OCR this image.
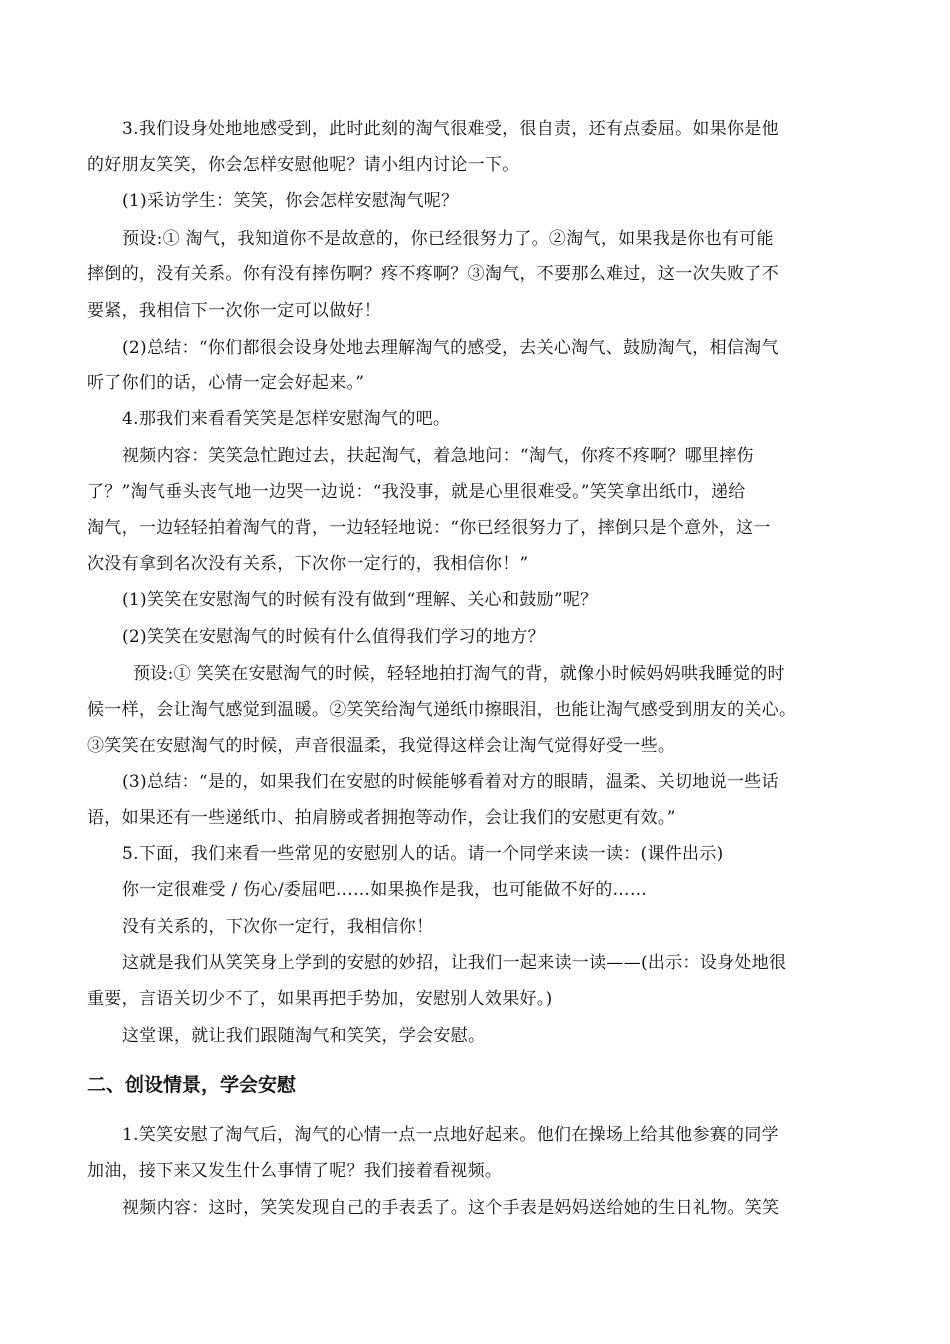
3.我们设身处地地感受到，此时此刻的淘气很难受，很自责，还有点委屈。如果你是他
的好朋友笑笑，你会怎样安慰他呢？请小组内讨论一下。
(1)采访学生：笑笑，你会怎样安慰淘气呢？
预设:① 淘气，我知道你不是故意的，你已经很努力了。②淘气，如果我是你也有可能
摔倒的，没有关系。你有没有摔伤啊？疼不疼啊？③淘气，不要那么难过，这一次失败了不
要紧，我相信下一次你一定可以做好！
(2)总结：“你们都很会设身处地去理解淘气的感受，去关心淘气、鼓励淘气，相信淘气
听了你们的话，心情一定会好起来。”
4.那我们来看看笑笑是怎样安慰淘气的吧。
视频内容：笑笑急忙跑过去，扶起淘气，着急地问：“淘气，你疼不疼啊？哪里摔伤
了？”淘气垂头丧气地一边哭一边说：“我没事，就是心里很难受。”笑笑拿出纸巾，递给
淘气，一边轻轻拍着淘气的背，一边轻轻地说：“你已经很努力了，摔倒只是个意外，这一
次没有拿到名次没有关系，下次你一定行的，我相信你！”
(1)笑笑在安慰淘气的时候有没有做到“理解、关心和鼓励”呢？
(2)笑笑在安慰淘气的时候有什么值得我们学习的地方？
预设:① 笑笑在安慰淘气的时候，轻轻地拍打淘气的背，就像小时候妈妈哄我睡觉的时
候一样，会让淘气感觉到温暖。②笑笑给淘气递纸巾擦眼泪，也能让淘气感受到朋友的关心。
③笑笑在安慰淘气的时候，声音很温柔，我觉得这样会让淘气觉得好受一些。
(3)总结：“是的，如果我们在安慰的时候能够看着对方的眼睛，温柔、关切地说一些话
语，如果还有一些递纸巾、拍肩膀或者拥抱等动作，会让我们的安慰更有效。”
5.下面，我们来看一些常见的安慰别人的话。请一个同学来读一读：(课件出示)
你一定很难受 / 伤心/委屈吧……如果换作是我，也可能做不好的……
没有关系的，下次你一定行，我相信你！
这就是我们从笑笑身上学到的安慰的妙招，让我们一起来读一读——(出示：设身处地很
重要，言语关切少不了，如果再把手势加，安慰别人效果好。)
这堂课，就让我们跟随淘气和笑笑，学会安慰。
二、创设情景，学会安慰
1.笑笑安慰了淘气后，淘气的心情一点一点地好起来。他们在操场上给其他参赛的同学
加油，接下来又发生什么事情了呢？我们接着看视频。
视频内容：这时，笑笑发现自己的手表丢了。这个手表是妈妈送给她的生日礼物。笑笑
